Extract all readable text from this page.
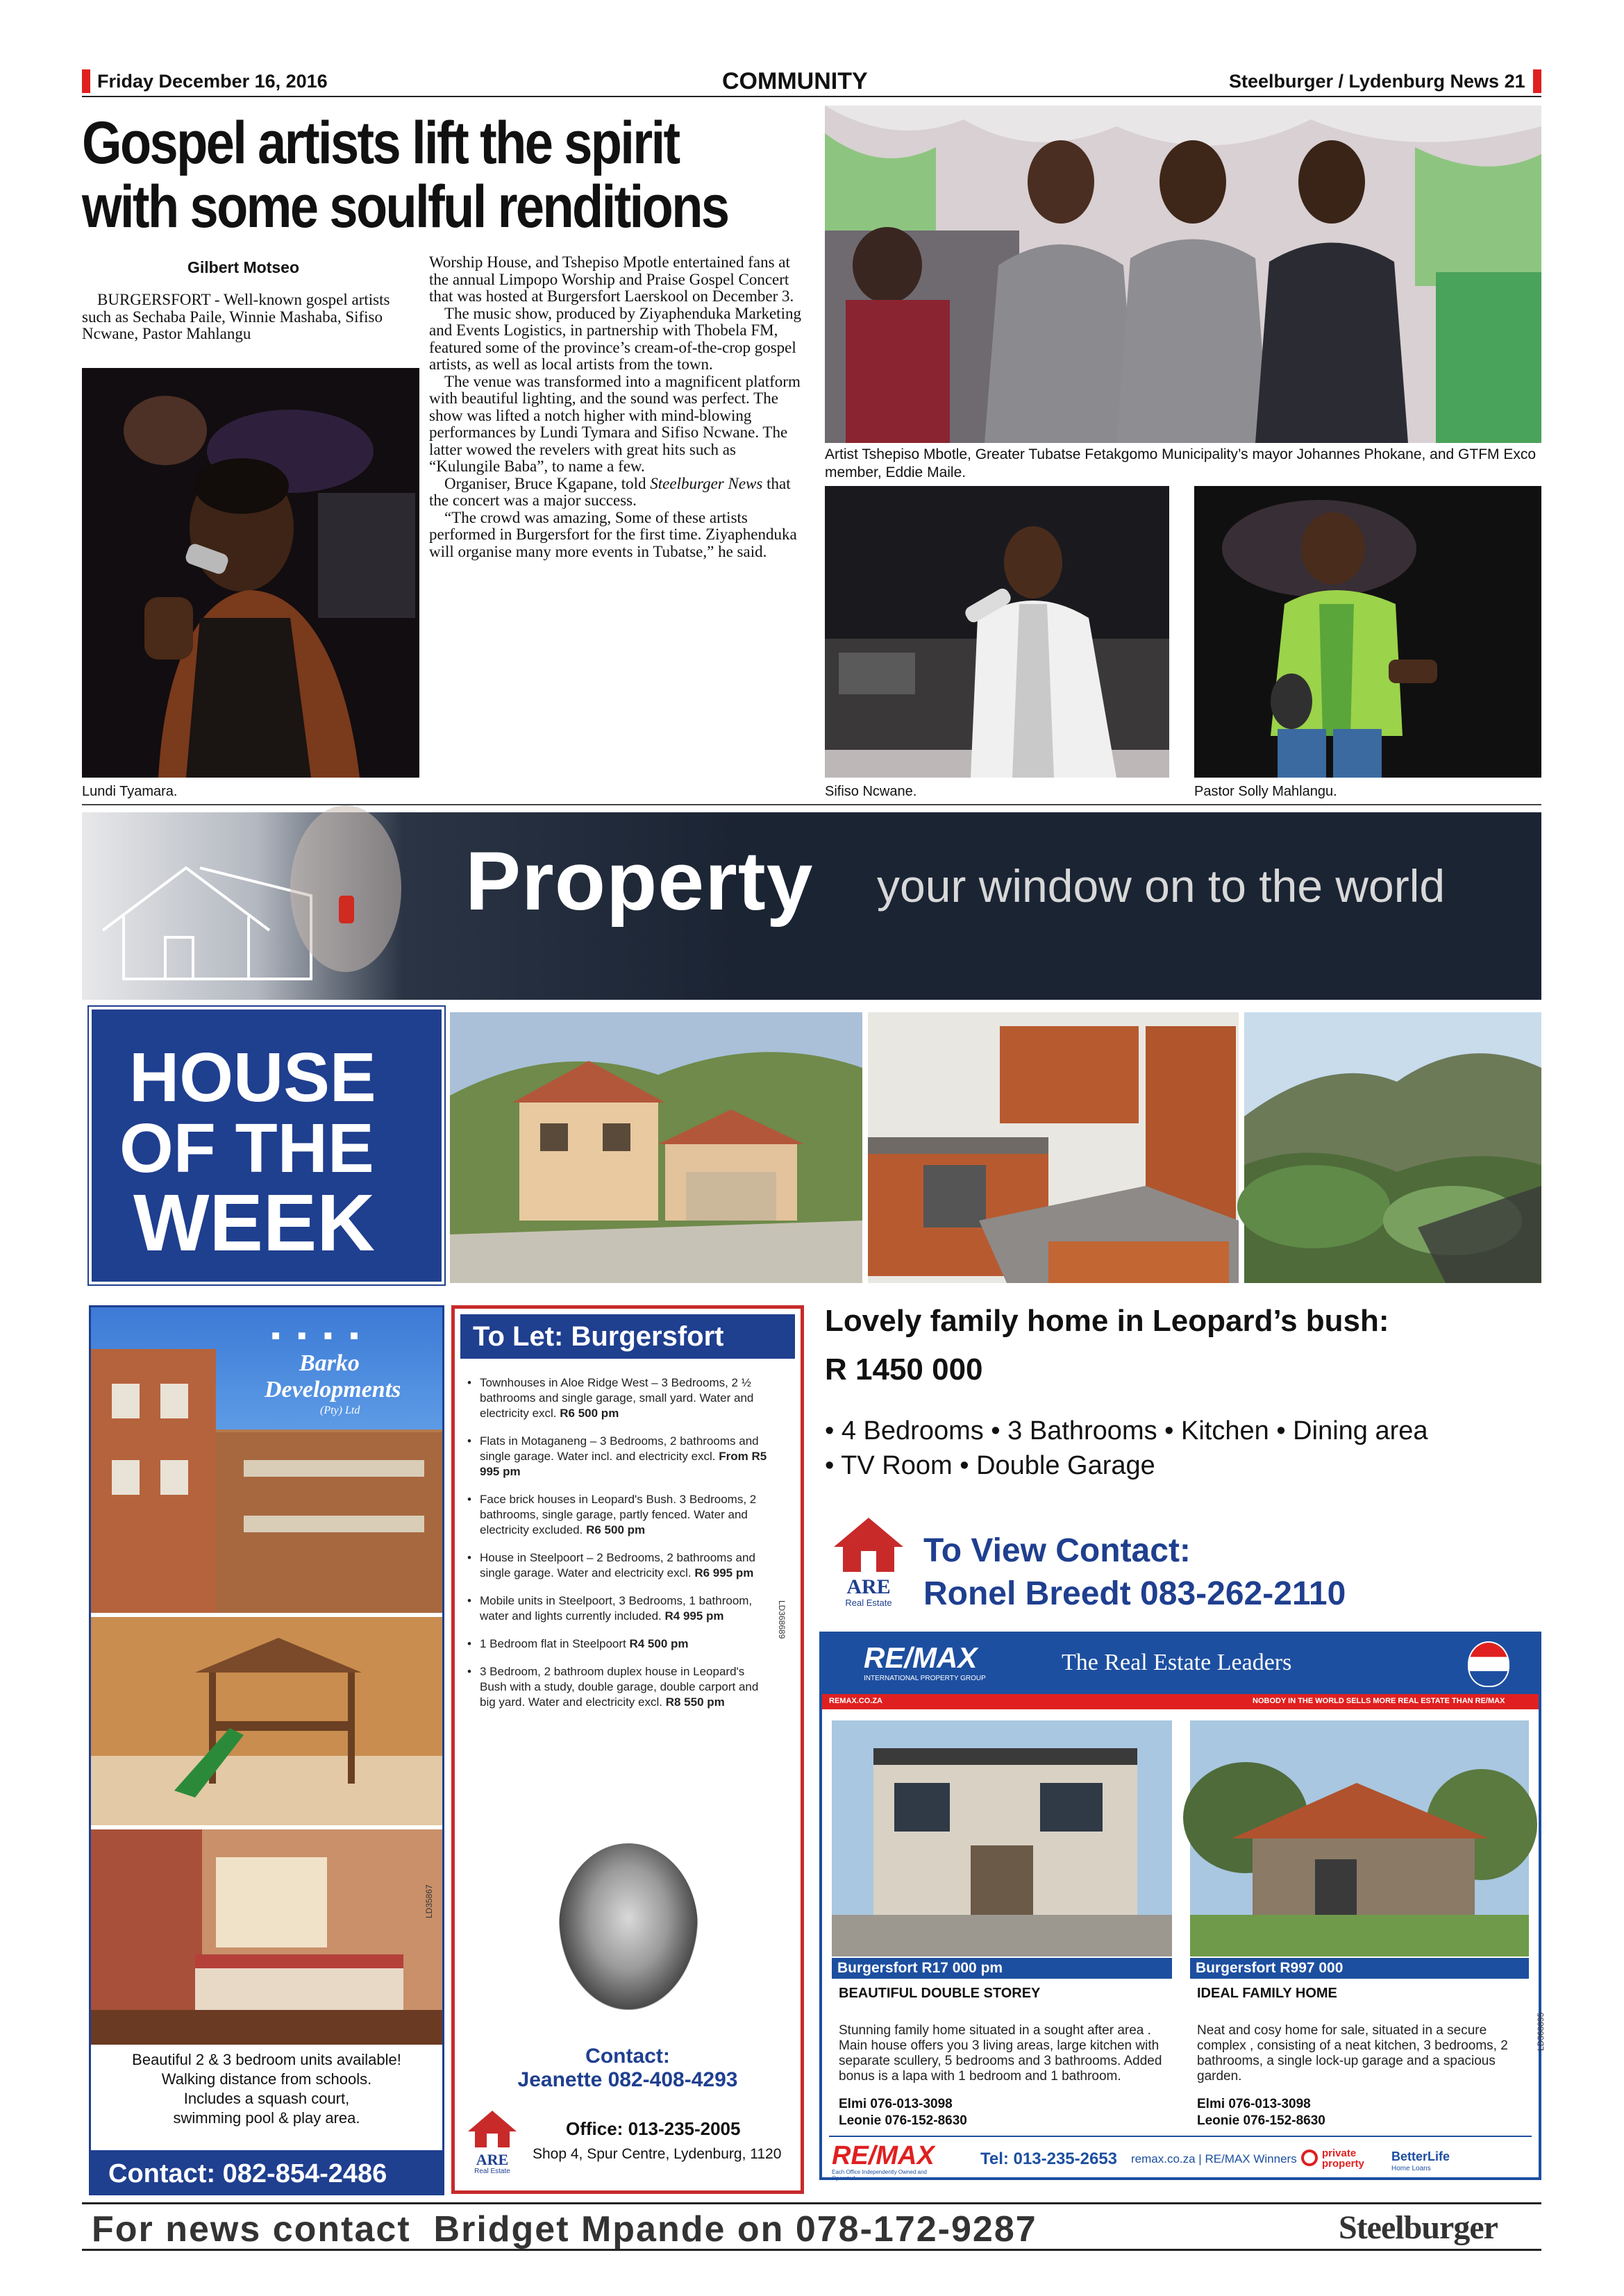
Friday December 16, 2016	COMMUNITY	Steelburger / Lydenburg News 21
Gospel artists lift the spirit
with some soulful renditions
Gilbert Motseo

BURGERSFORT - Well-known gospel artists such as Sechaba Paile, Winnie Mashaba, Sifiso Ncwane, Pastor Mahlangu

Worship House, and Tshepiso Mpotle entertained fans at the annual Limpopo Worship and Praise Gospel Concert that was hosted at Burgersfort Laerskool on December 3.

The music show, produced by Ziyaphenduka Marketing and Events Logistics, in partnership with Thobela FM, featured some of the province’s cream-of-the-crop gospel artists, as well as local artists from the town.

The venue was transformed into a magnificent platform with beautiful lighting, and the sound was perfect. The show was lifted a notch higher with mind-blowing performances by Lundi Tymara and Sifiso Ncwane. The latter wowed the revelers with great hits such as “Kulungile Baba”, to name a few.

Organiser, Bruce Kgapane, told Steelburger News that the concert was a major success.

“The crowd was amazing, Some of these artists performed in Burgersfort for the first time. Ziyaphenduka will organise many more events in Tubatse,” he said.

Lundi Tyamara.
Artist Tshepiso Mbotle, Greater Tubatse Fetakgomo Municipality’s mayor Johannes Phokane, and GTFM Exco member, Eddie Maile.
Sifiso Ncwane.	Pastor Solly Mahlangu.
Property your window on to the world
HOUSE
OF THE
WEEK
■ ■ ■ ■
Barko
Developments
(Pty) Ltd
LD35867
Beautiful 2 & 3 bedroom units available!
Walking distance from schools.
Includes a squash court,
swimming pool & play area.
Contact: 082-854-2486
To Let: Burgersfort
• Townhouses in Aloe Ridge West – 3 Bedrooms, 2 ½ bathrooms and single garage, small yard. Water and electricity excl. R6 500 pm
• Flats in Motaganeng – 3 Bedrooms, 2 bathrooms and single garage. Water incl. and electricity excl. From R5 995 pm
• Face brick houses in Leopard's Bush. 3 Bedrooms, 2 bathrooms, single garage, partly fenced. Water and electricity excluded. R6 500 pm
• House in Steelpoort – 2 Bedrooms, 2 bathrooms and single garage. Water and electricity excl. R6 995 pm
• Mobile units in Steelpoort, 3 Bedrooms, 1 bathroom, water and lights currently included. R4 995 pm
• 1 Bedroom flat in Steelpoort R4 500 pm
• 3 Bedroom, 2 bathroom duplex house in Leopard's Bush with a study, double garage, double carport and big yard. Water and electricity excl. R8 550 pm
LD368689
Contact:
Jeanette 082-408-4293
ARE
Real Estate
Office: 013-235-2005
Shop 4, Spur Centre, Lydenburg, 1120
Lovely family home in Leopard’s bush:
R 1450 000
• 4 Bedrooms • 3 Bathrooms • Kitchen • Dining area
• TV Room • Double Garage
ARE
Real Estate
To View Contact:
Ronel Breedt 083-262-2110
RE/MAX
INTERNATIONAL PROPERTY GROUP
The Real Estate Leaders
REMAX.CO.ZA	NOBODY IN THE WORLD SELLS MORE REAL ESTATE THAN RE/MAX
Burgersfort R17 000 pm
BEAUTIFUL DOUBLE STOREY
Stunning family home situated in a sought after area . Main house offers you 3 living areas, large kitchen with separate scullery, 5 bedrooms and 3 bathrooms. Added bonus is a lapa with 1 bedroom and 1 bathroom.
Elmi 076-013-3098
Leonie 076-152-8630
Burgersfort R997 000
IDEAL FAMILY HOME
Neat and cosy home for sale, situated in a secure complex , consisting of a neat kitchen, 3 bedrooms, 2 bathrooms, a single lock-up garage and a spacious garden.
Elmi 076-013-3098
Leonie 076-152-8630
LD368895
RE/MAX
Each Office Independently Owned and Operated
Tel: 013-235-2653 remax.co.za | RE/MAX Winners private property
BetterLife
Home Loans
For news contact  Bridget Mpande on 078-172-9287	Steelburger
